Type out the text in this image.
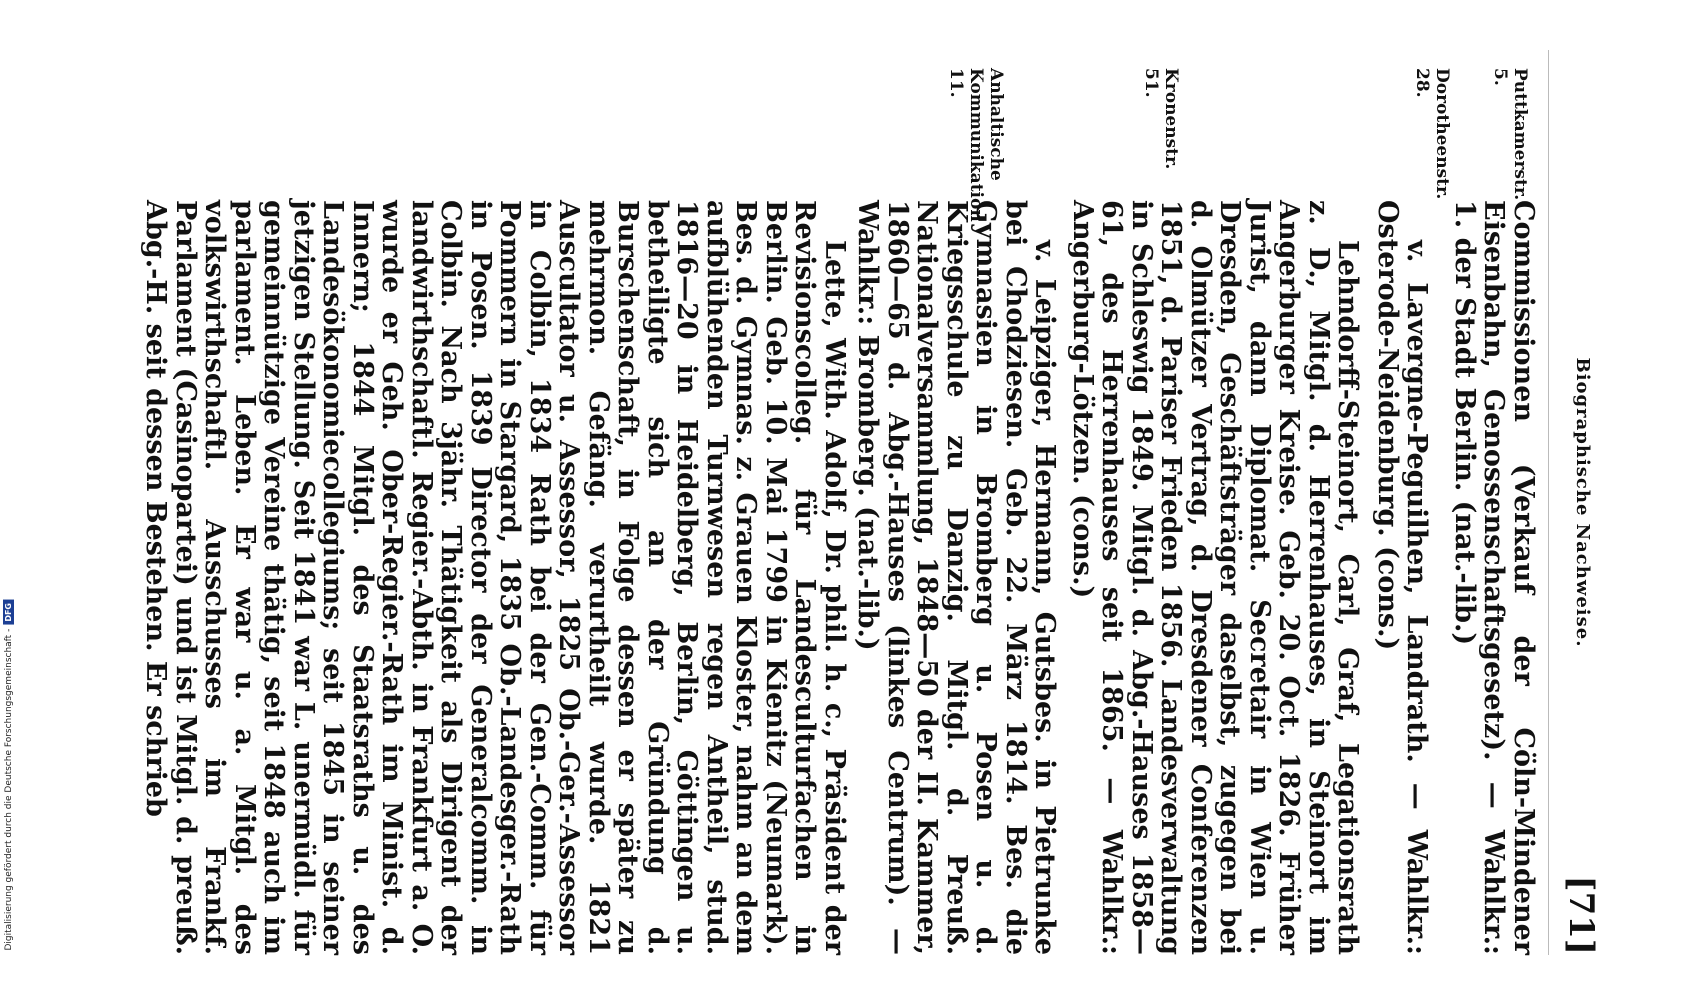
Biographische Nachweise.
[71]
Puttkamerstr. 5.
Dorotheenstr. 28.
Kronenstr. 51.
Anhaltische Kommunikation 11.

Commissionen (Verkauf der Cöln-Mindener Eisenbahn, Genossenschaftsgesetz). — Wahlkr.: 1. der Stadt Berlin. (nat.-lib.)

v. Lavergne-Peguilhen, Landrath. — Wahlkr.: Osterode-Neidenburg. (cons.)

Lehndorff-Steinort, Carl, Graf, Legationsrath z. D., Mitgl. d. Herrenhauses, in Steinort im Angerburger Kreise. Geb. 20. Oct. 1826. Früher Jurist, dann Diplomat. Secretair in Wien u. Dresden, Geschäftsträger daselbst, zugegen bei d. Olmützer Vertrag, d. Dresdener Conferenzen 1851, d. Pariser Frieden 1856. Landesverwaltung in Schleswig 1849. Mitgl. d. Abg.-Hauses 1858—61, des Herrenhauses seit 1865. — Wahlkr.: Angerburg-Lötzen. (cons.)

v. Leipziger, Hermann, Gutsbes. in Pietrunke bei Chodziesen. Geb. 22. März 1814. Bes. die Gymnasien in Bromberg u. Posen u. d. Kriegsschule zu Danzig. Mitgl. d. Preuß. Nationalversammlung, 1848—50 der II. Kammer, 1860—65 d. Abg.-Hauses (linkes Centrum). — Wahlkr.: Bromberg. (nat.-lib.)

Lette, With. Adolf, Dr. phil. h. c., Präsident der Revisionscolleg. für Landesculturfachen in Berlin. Geb. 10. Mai 1799 in Kienitz (Neumark). Bes. d. Gymnas. z. Grauen Kloster, nahm an dem aufblühenden Turnwesen regen Antheil, stud. 1816—20 in Heidelberg, Berlin, Göttingen u. betheiligte sich an der Gründung d. Burschenschaft, in Folge dessen er später zu mehrmon. Gefäng. verurtheilt wurde. 1821 Auscultator u. Assessor, 1825 Ob.-Ger.-Assessor in Colbin, 1834 Rath bei der Gen.-Comm. für Pommern in Stargard, 1835 Ob.-Landesger.-Rath in Posen. 1839 Director der Generalcomm. in Colbin. Nach 3jähr. Thätigkeit als Dirigent der landwirthschaftl. Regier.-Abth. in Frankfurt a. O. wurde er Geh. Ober-Regier.-Rath im Minist. d. Innern; 1844 Mitgl. des Staatsraths u. des Landesökonomiecollegiums; seit 1845 in seiner jetzigen Stellung. Seit 1841 war L. unermüdl. für gemeinnützige Vereine thätig, seit 1848 auch im parlament. Leben. Er war u. a. Mitgl. des volkswirthschaftl. Ausschusses im Frankf. Parlament (Casinopartei) und ist Mitgl. d. preuß. Abg.-H. seit dessen Bestehen. Er schrieb

Digitalisierung gefördert durch die Deutsche Forschungsgemeinschaft -
DFG
